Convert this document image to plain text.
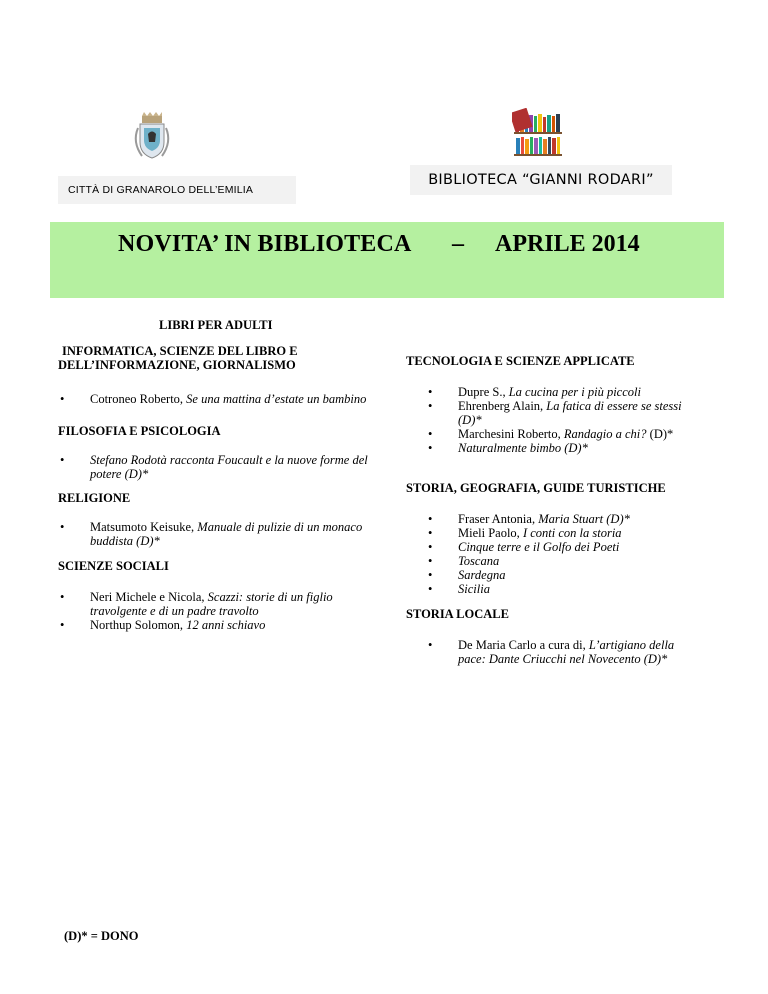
CITTÀ DI GRANAROLO DELL’EMILIA
BIBLIOTECA “GIANNI RODARI”
NOVITA’ IN BIBLIOTECA – APRILE 2014
LIBRI PER ADULTI
INFORMATICA, SCIENZE DEL LIBRO E
DELL’INFORMAZIONE, GIORNALISMO
• Cotroneo Roberto, Se una mattina d’estate un bambino
FILOSOFIA E PSICOLOGIA
• Stefano Rodotà racconta Foucault e la nuove forme del potere (D)*
RELIGIONE
• Matsumoto Keisuke, Manuale di pulizie di un monaco buddista (D)*
SCIENZE SOCIALI
• Neri Michele e Nicola, Scazzi: storie di un figlio travolgente e di un padre travolto
• Northup Solomon, 12 anni schiavo
TECNOLOGIA E SCIENZE APPLICATE
• Dupre S., La cucina per i più piccoli
• Ehrenberg Alain, La fatica di essere se stessi (D)*
• Marchesini Roberto, Randagio a chi? (D)*
• Naturalmente bimbo (D)*
STORIA, GEOGRAFIA, GUIDE TURISTICHE
• Fraser Antonia, Maria Stuart (D)*
• Mieli Paolo, I conti con la storia
• Cinque terre e il Golfo dei Poeti
• Toscana
• Sardegna
• Sicilia
STORIA LOCALE
• De Maria Carlo a cura di, L’artigiano della pace: Dante Criucchi nel Novecento (D)*
(D)* = DONO
